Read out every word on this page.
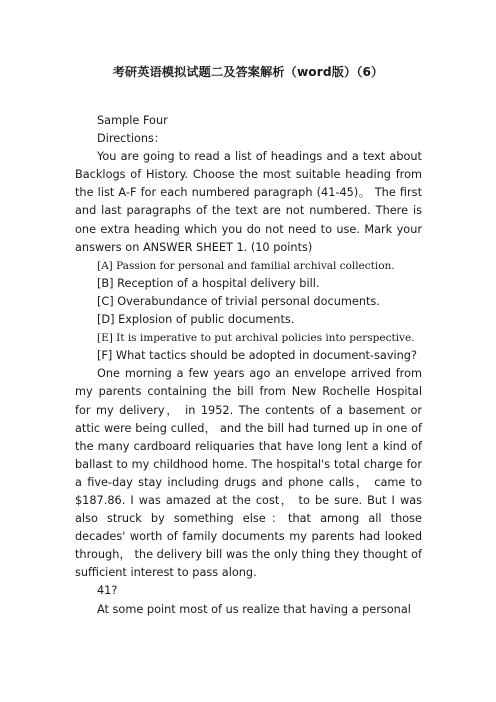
考研英语模拟试题二及答案解析（word版）（6）

Sample Four

Directions：

You are going to read a list of headings and a text about Backlogs of History. Choose the most suitable heading from the list A-F for each numbered paragraph (41-45)。 The first and last paragraphs of the text are not numbered. There is one extra heading which you do not need to use. Mark your answers on ANSWER SHEET 1. (10 points)

[A] Passion for personal and familial archival collection.

[B] Reception of a hospital delivery bill.

[C] Overabundance of trivial personal documents.

[D] Explosion of public documents.

[E] It is imperative to put archival policies into perspective.

[F] What tactics should be adopted in document-saving?

One morning a few years ago an envelope arrived from my parents containing the bill from New Rochelle Hospital for my delivery， in 1952. The contents of a basement or attic were being culled， and the bill had turned up in one of the many cardboard reliquaries that have long lent a kind of ballast to my childhood home. The hospital's total charge for a five-day stay including drugs and phone calls， came to $187.86. I was amazed at the cost， to be sure. But I was also struck by something else：that among all those decades' worth of family documents my parents had looked through， the delivery bill was the only thing they thought of sufficient interest to pass along.

41?

At some point most of us realize that having a personal
